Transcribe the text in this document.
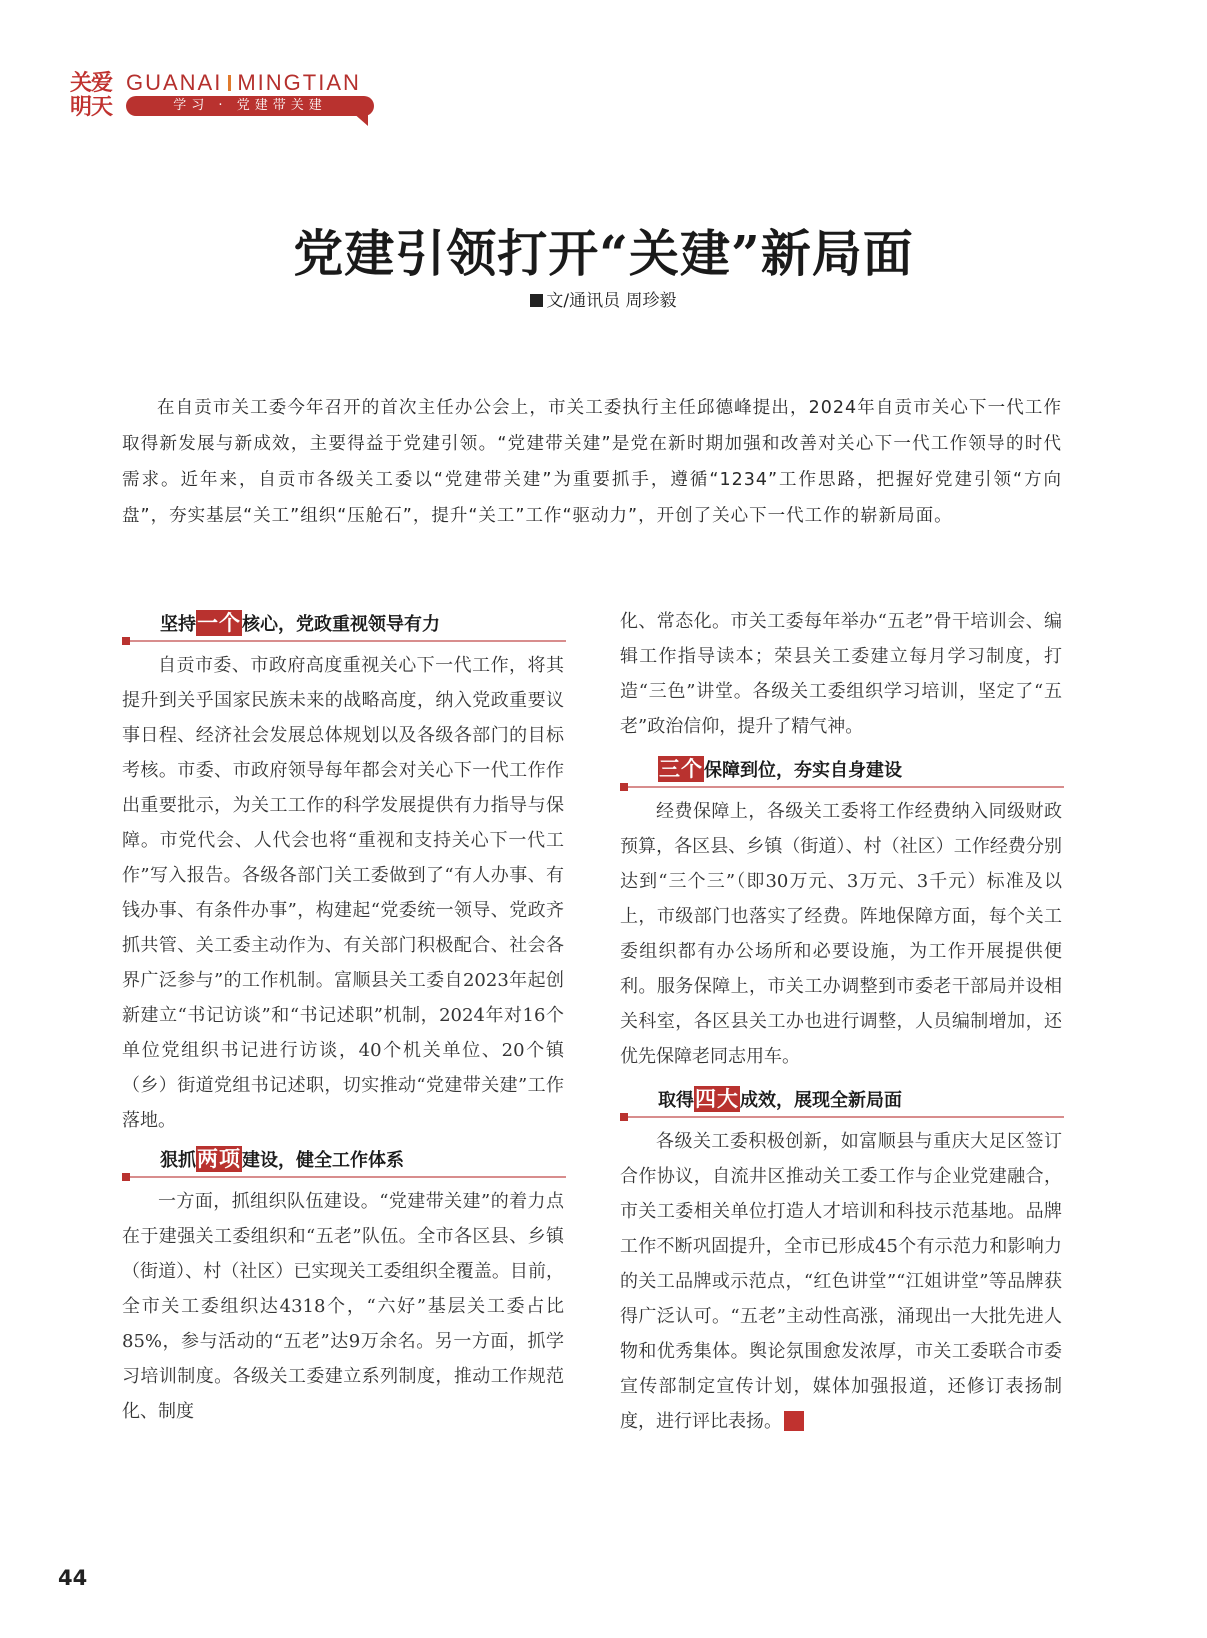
关爱明天
GUANAI MINGTIAN
学习 · 党建带关建
党建引领打开“关建”新局面
文/通讯员 周珍毅
在自贡市关工委今年召开的首次主任办公会上，市关工委执行主任邱德峰提出，2024年自贡市关心下一代工作取得新发展与新成效，主要得益于党建引领。“党建带关建”是党在新时期加强和改善对关心下一代工作领导的时代需求。近年来，自贡市各级关工委以“党建带关建”为重要抓手，遵循“1234”工作思路，把握好党建引领“方向盘”，夯实基层“关工”组织“压舱石”，提升“关工”工作“驱动力”，开创了关心下一代工作的崭新局面。
坚持一个核心，党政重视领导有力

自贡市委、市政府高度重视关心下一代工作，将其提升到关乎国家民族未来的战略高度，纳入党政重要议事日程、经济社会发展总体规划以及各级各部门的目标考核。市委、市政府领导每年都会对关心下一代工作作出重要批示，为关工工作的科学发展提供有力指导与保障。市党代会、人代会也将“重视和支持关心下一代工作”写入报告。各级各部门关工委做到了“有人办事、有钱办事、有条件办事”，构建起“党委统一领导、党政齐抓共管、关工委主动作为、有关部门积极配合、社会各界广泛参与”的工作机制。富顺县关工委自2023年起创新建立“书记访谈”和“书记述职”机制，2024年对16个单位党组织书记进行访谈，40个机关单位、20个镇（乡）街道党组书记述职，切实推动“党建带关建”工作落地。

狠抓两项建设，健全工作体系

一方面，抓组织队伍建设。“党建带关建”的着力点在于建强关工委组织和“五老”队伍。全市各区县、乡镇（街道）、村（社区）已实现关工委组织全覆盖。目前，全市关工委组织达4318个，“六好”基层关工委占比85%，参与活动的“五老”达9万余名。另一方面，抓学习培训制度。各级关工委建立系列制度，推动工作规范化、制度

化、常态化。市关工委每年举办“五老”骨干培训会、编辑工作指导读本；荣县关工委建立每月学习制度，打造“三色”讲堂。各级关工委组织学习培训，坚定了“五老”政治信仰，提升了精气神。

三个保障到位，夯实自身建设

经费保障上，各级关工委将工作经费纳入同级财政预算，各区县、乡镇（街道）、村（社区）工作经费分别达到“三个三”（即30万元、3万元、3千元）标准及以上，市级部门也落实了经费。阵地保障方面，每个关工委组织都有办公场所和必要设施，为工作开展提供便利。服务保障上，市关工办调整到市委老干部局并设相关科室，各区县关工办也进行调整，人员编制增加，还优先保障老同志用车。

取得四大成效，展现全新局面

各级关工委积极创新，如富顺县与重庆大足区签订合作协议，自流井区推动关工委工作与企业党建融合，市关工委相关单位打造人才培训和科技示范基地。品牌工作不断巩固提升，全市已形成45个有示范力和影响力的关工品牌或示范点，“红色讲堂”“江姐讲堂”等品牌获得广泛认可。“五老”主动性高涨，涌现出一大批先进人物和优秀集体。舆论氛围愈发浓厚，市关工委联合市委宣传部制定宣传计划，媒体加强报道，还修订表扬制度，进行评比表扬。	关

44
